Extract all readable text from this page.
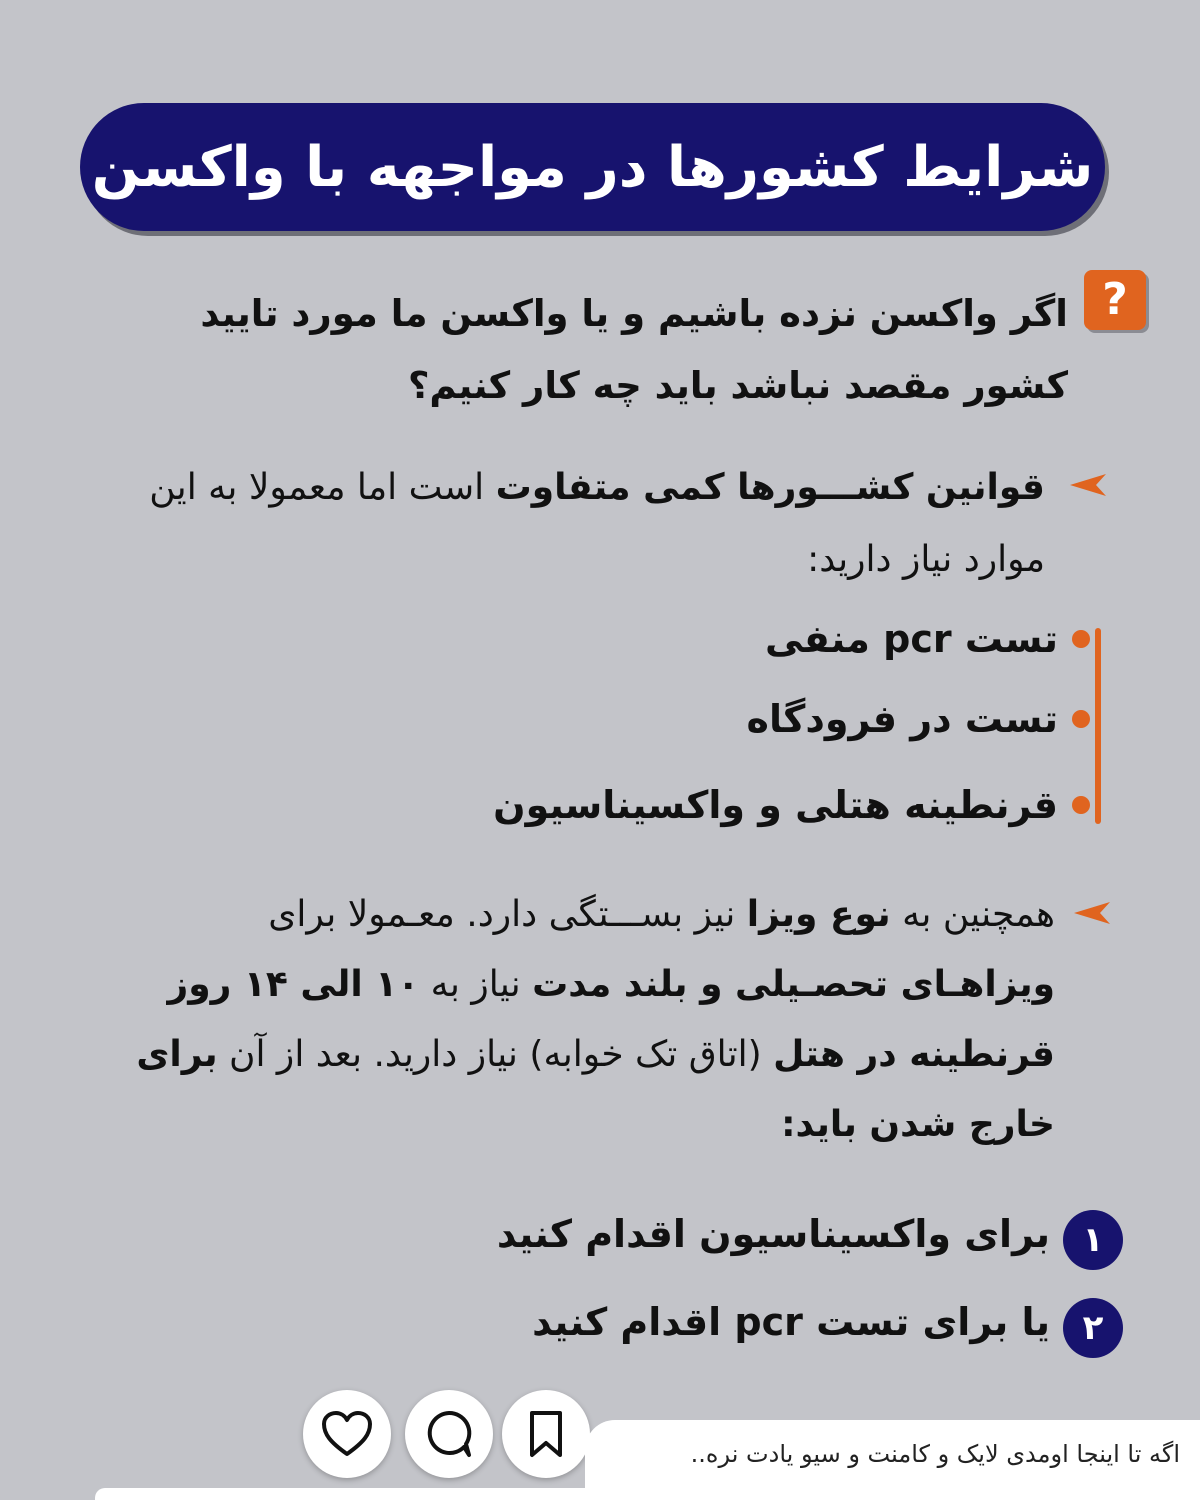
شرایط کشورها در مواجهه با واکسن
?
اگر واکسن نزده باشیم و یا واکسن ما مورد تایید کشور مقصد نباشد باید چه کار کنیم؟
قوانین کشـــورها کمی متفاوت است اما معمولا به این موارد نیاز دارید:
تست pcr منفی
تست در فرودگاه
قرنطینه هتلی و واکسیناسیون
همچنین به نوع ویزا نیز بســـتگی دارد. معـمولا برای ویزاهـای تحصـیلی و بلند مدت نیاز به ۱۰ الی ۱۴ روز قرنطینه در هتل (اتاق تک خوابه) نیاز دارید. بعد از آن برای خارج شدن باید:
۱
برای واکسیناسیون اقدام کنید
۲
یا برای تست pcr اقدام کنید
اگه تا اینجا اومدی لایک و کامنت و سیو یادت نره..
